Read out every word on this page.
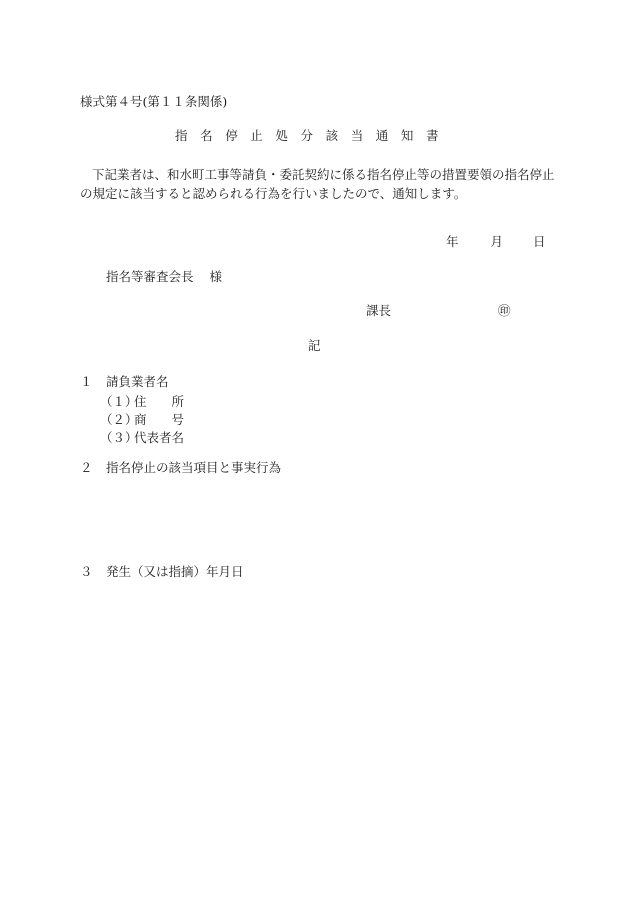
様式第４号(第１１条関係)
指名停止処分該当通知書
下記業者は、和水町工事等請負・委託契約に係る指名停止等の措置要領の指名停止の規定に該当すると認められる行為を行いましたので、通知します。
年	月 日
指名等審査会長 様
課長	㊞
記
１ 請負業者名
（１）
住　　所
（２）
商　　号
（３）
代表者名
２ 指名停止の該当項目と事実行為
３ 発生（又は指摘）年月日
